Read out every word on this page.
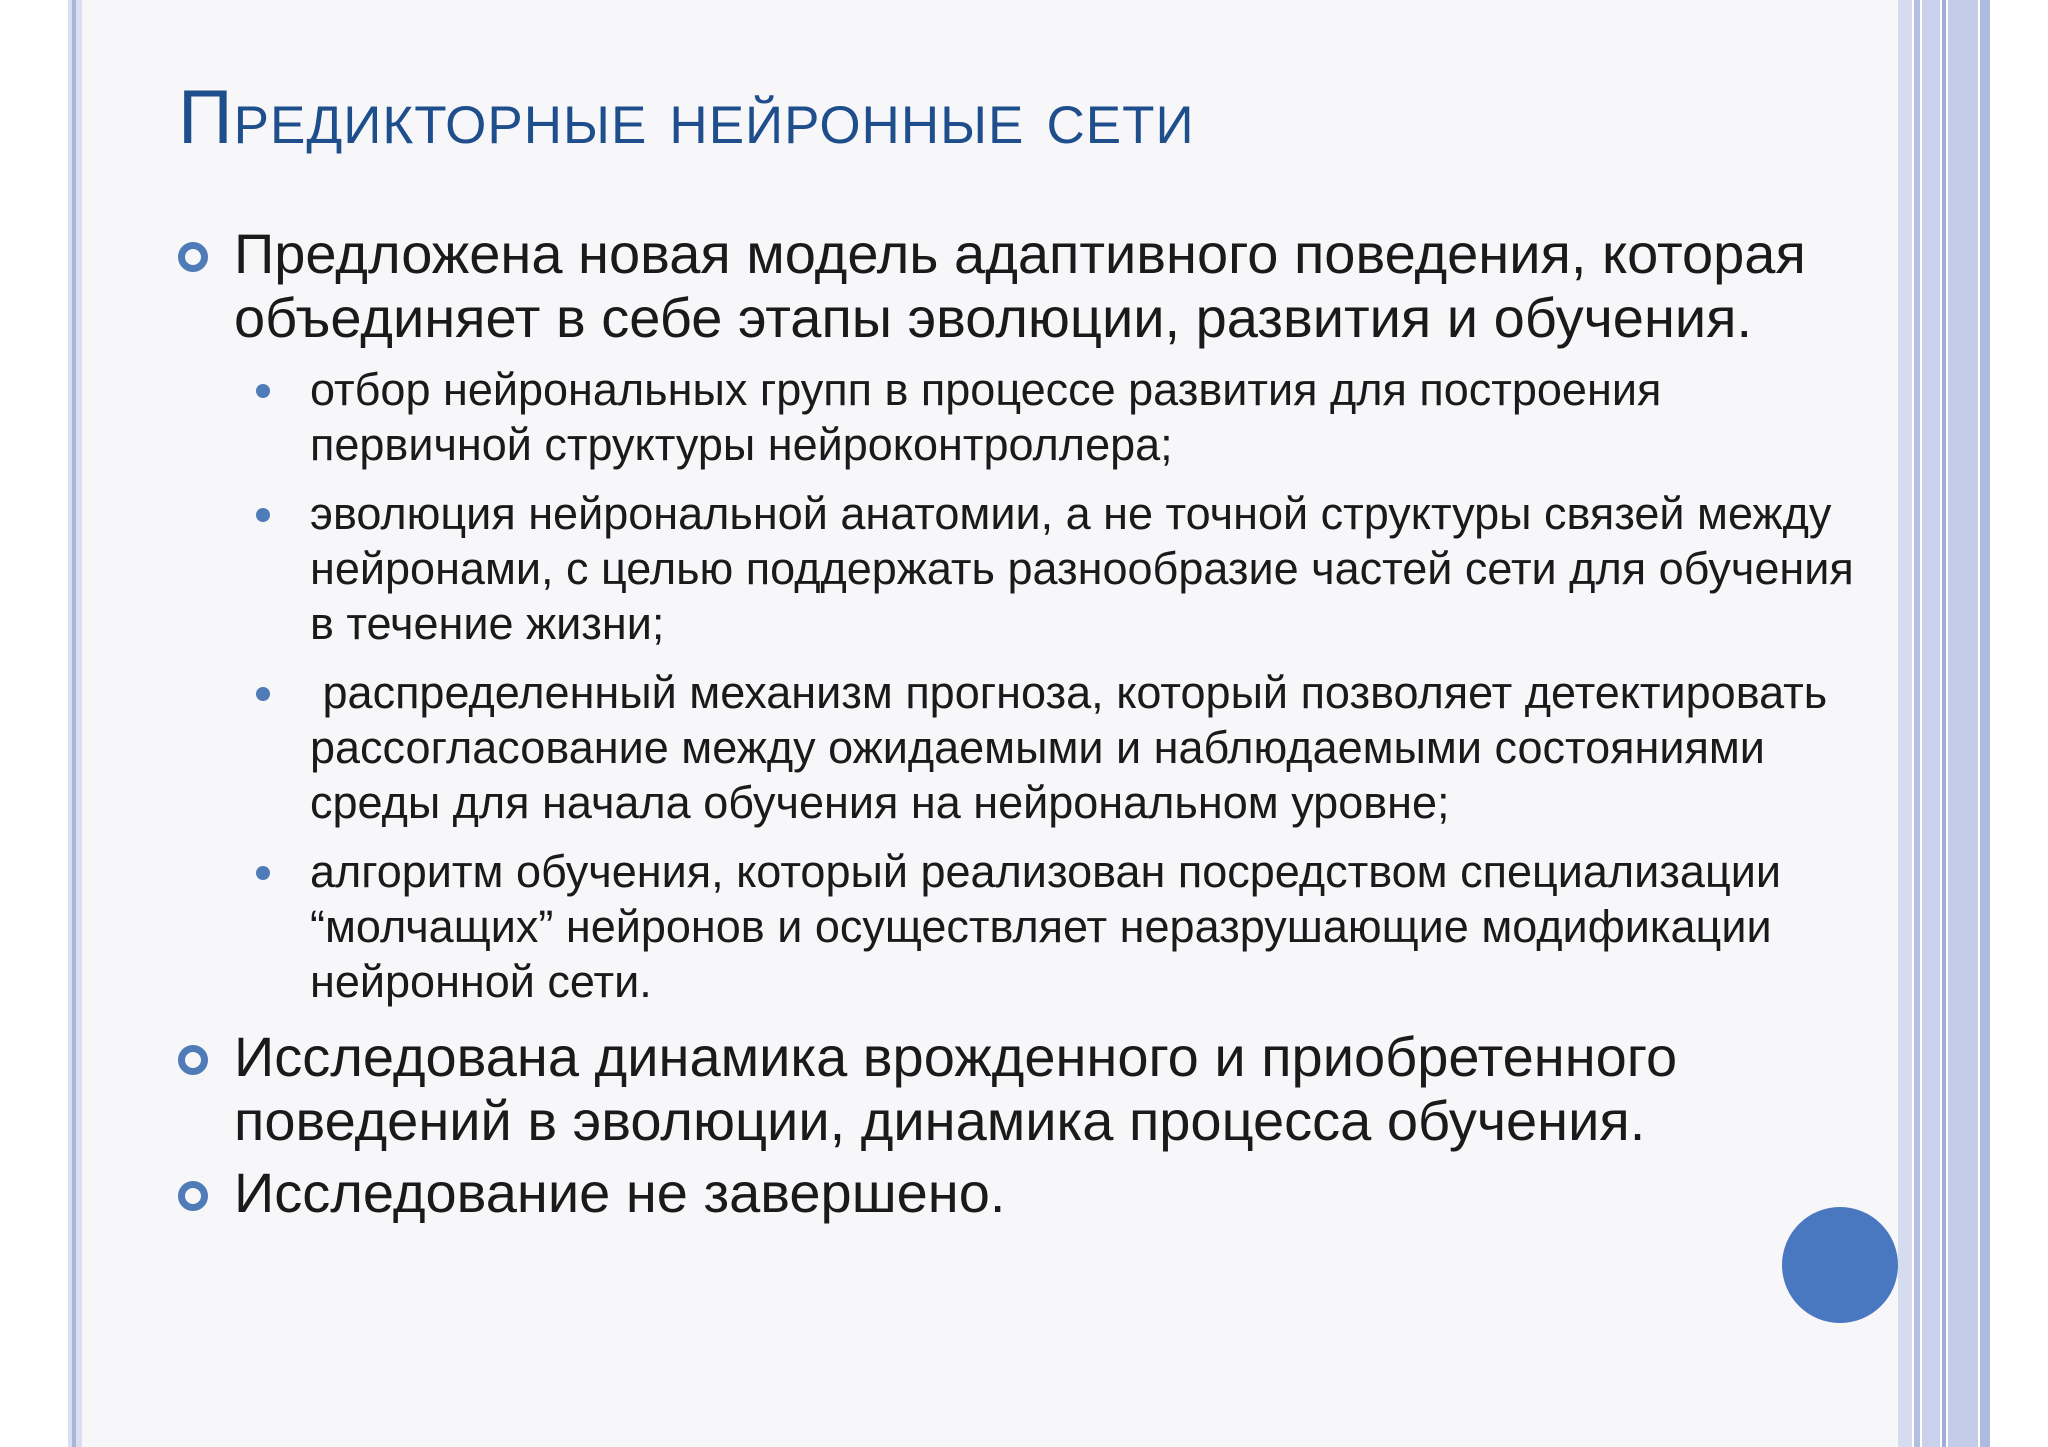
Предикторные нейронные сети
Предложена новая модель адаптивного поведения, которая объединяет в себе этапы эволюции, развития и обучения.
отбор нейрональных групп в процессе развития для построения первичной структуры нейроконтроллера;
эволюция нейрональной анатомии, а не точной структуры связей между нейронами, с целью поддержать разнообразие частей сети для обучения в течение жизни;
распределенный механизм прогноза, который позволяет детектировать рассогласование между ожидаемыми и наблюдаемыми состояниями среды для начала обучения на нейрональном уровне;
алгоритм обучения, который реализован посредством специализации “молчащих” нейронов и осуществляет неразрушающие модификации нейронной сети.
Исследована динамика врожденного и приобретенного поведений в эволюции, динамика процесса обучения.
Исследование не завершено.
